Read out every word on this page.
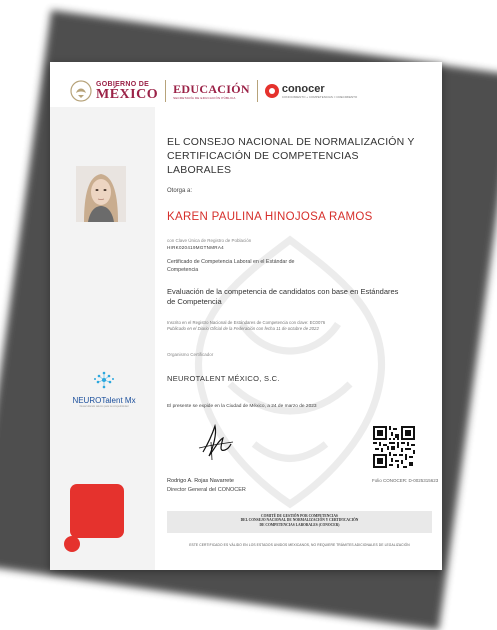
GOBIERNO DE
MÉXICO EDUCACIÓN
SECRETARÍA DE EDUCACIÓN PÚBLICA
conocer
CONOCIMIENTO + COMPETENCIAS = CRECIMIENTO
NEUROTalent Mx
Desarrollando talento para la competitividad
EL CONSEJO NACIONAL DE NORMALIZACIÓN Y CERTIFICACIÓN DE COMPETENCIAS LABORALES
Otorga a:
KAREN PAULINA HINOJOSA RAMOS
con Clave Única de Registro de Población
HIRK020419MGTNMRA4
Certificado de Competencia Laboral en el Estándar de Competencia
Evaluación de la competencia de candidatos con base en Estándares de Competencia
Inscrito en el Registro Nacional de Estándares de Competencia con clave: EC0076
Publicado en el Diario Oficial de la Federación con fecha 11 de octubre de 2022
Organismo Certificador
NEUROTALENT MÉXICO, S.C.
El presente se expide en la Ciudad de México, a 24 de marzo de 2023
Rodrigo A. Rojas Navarrete
Director General del CONOCER
Folio CONOCER: D-0025315623
COMITÉ DE GESTIÓN POR COMPETENCIAS
DEL CONSEJO NACIONAL DE NORMALIZACIÓN Y CERTIFICACIÓN
DE COMPETENCIAS LABORALES (CONOCER)
ESTE CERTIFICADO ES VÁLIDO EN LOS ESTADOS UNIDOS MEXICANOS, NO REQUIERE TRÁMITES ADICIONALES DE LEGALIZACIÓN
